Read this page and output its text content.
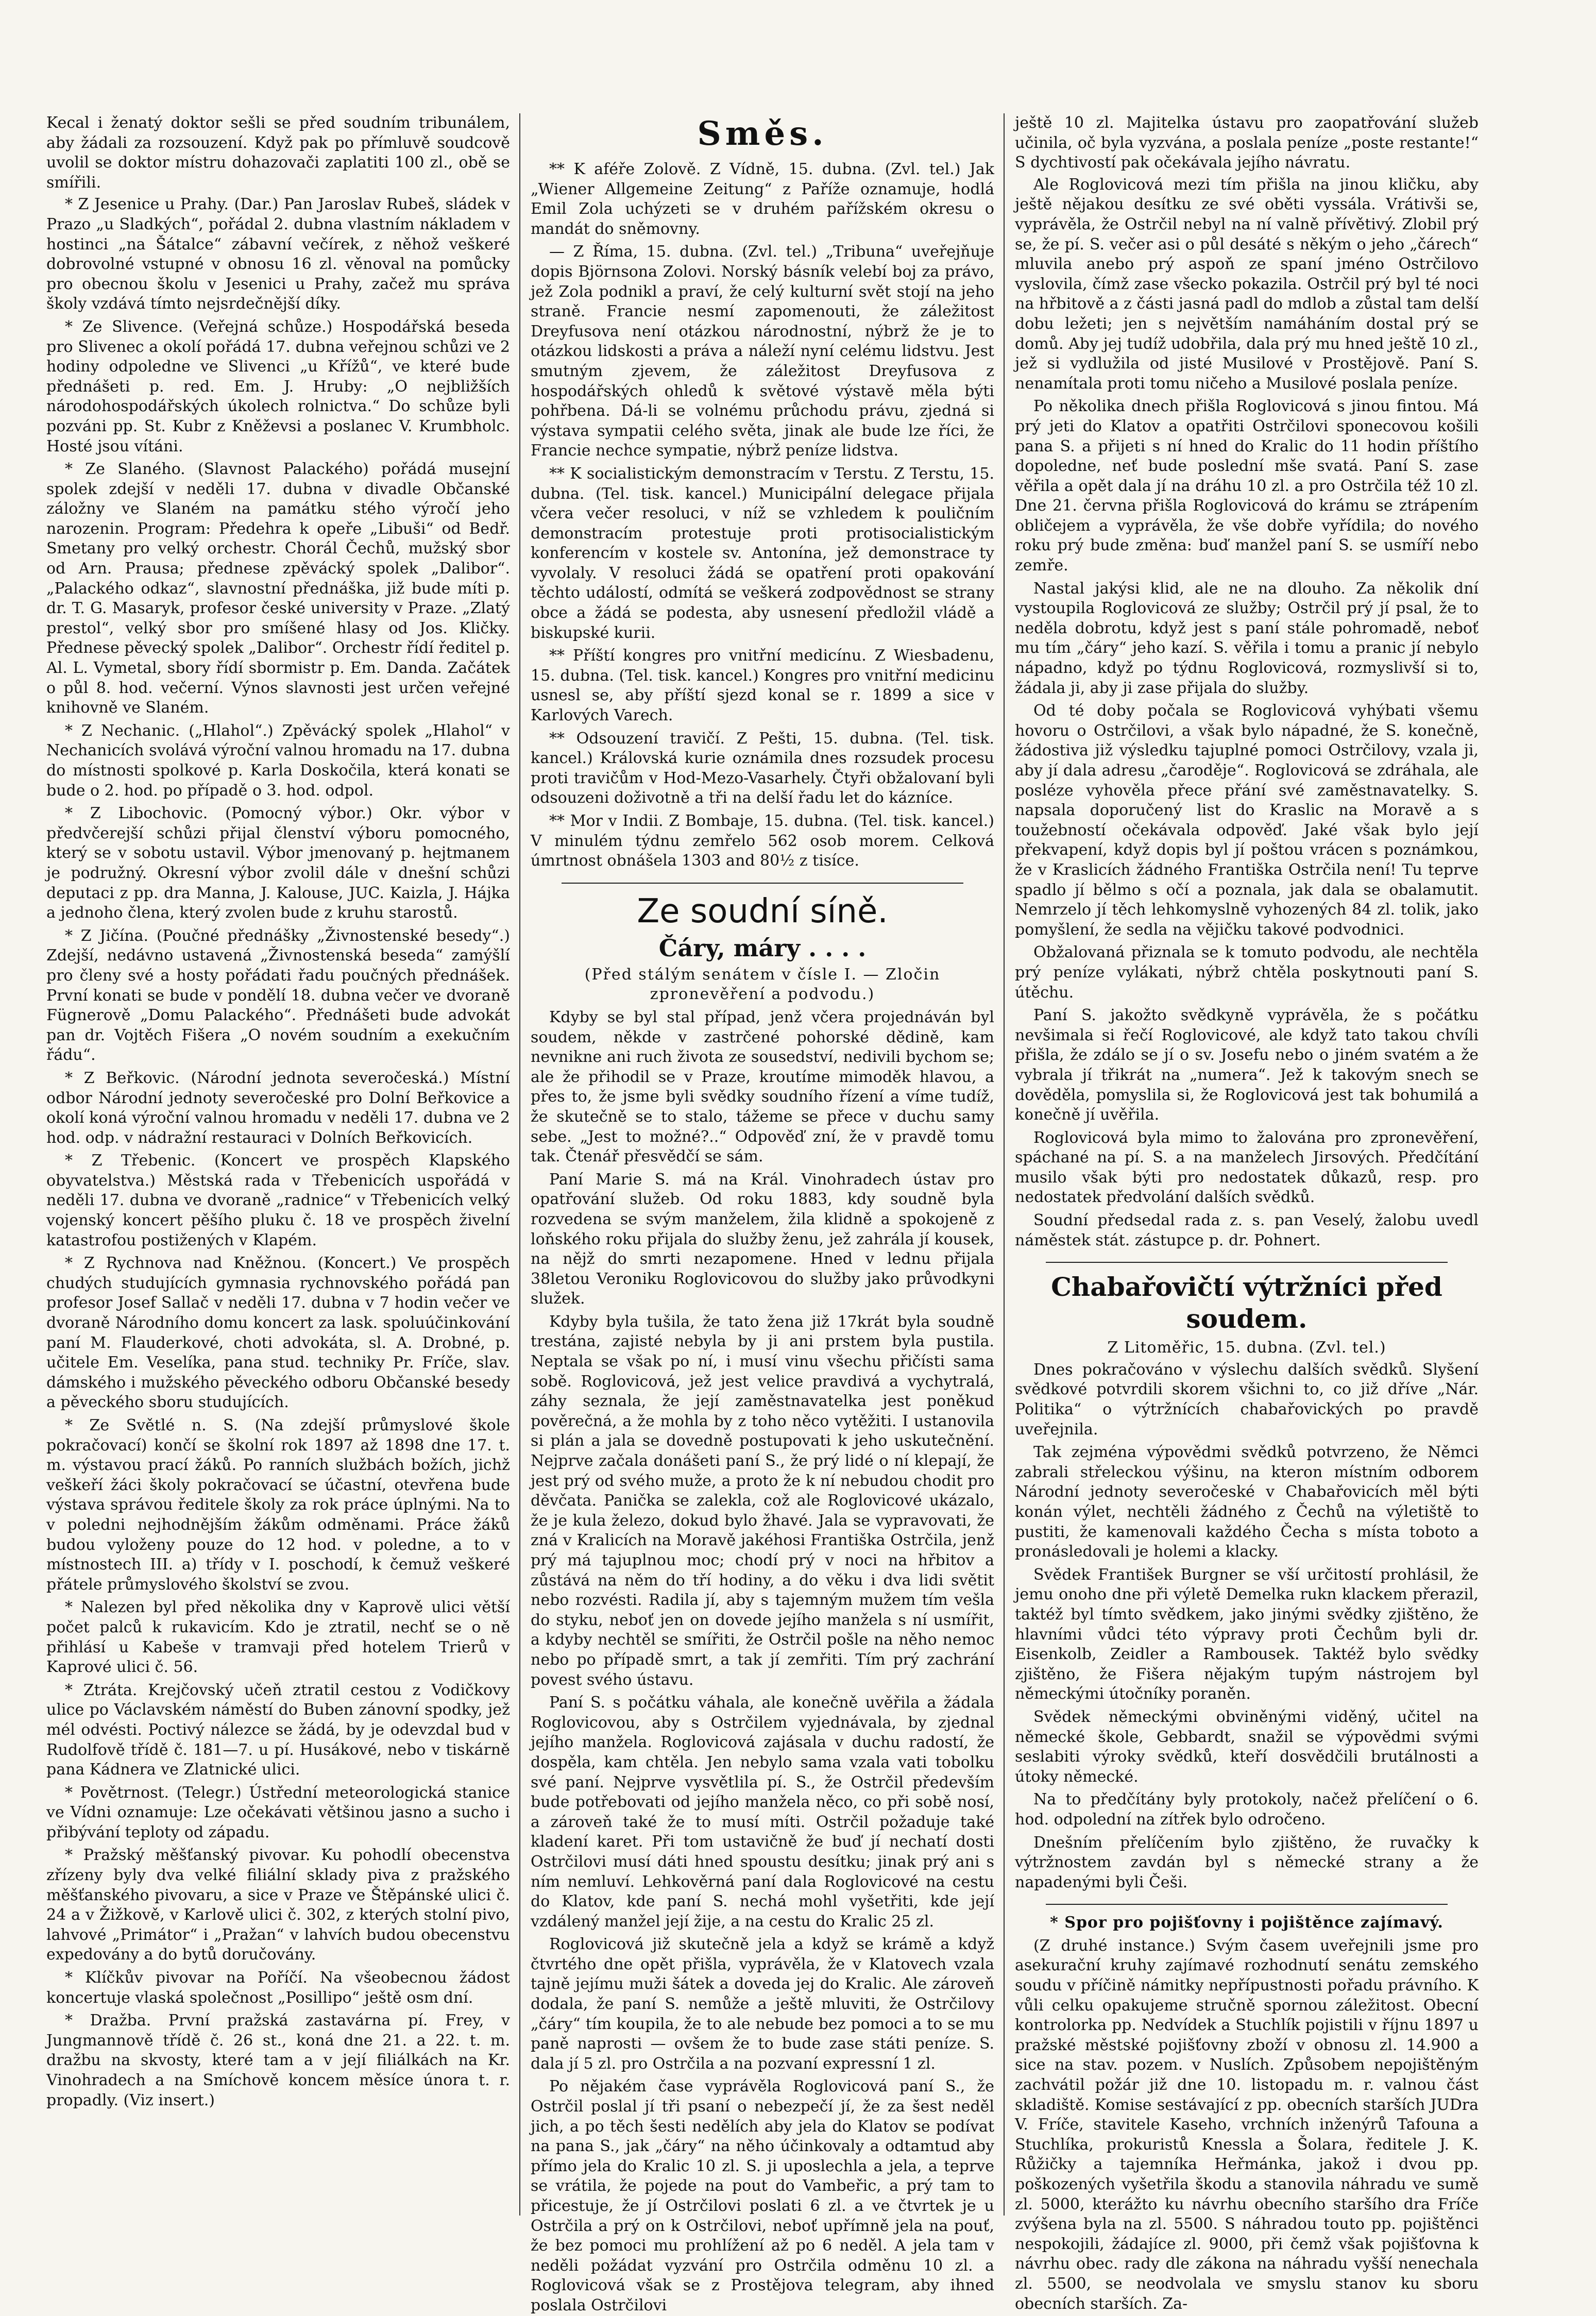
Kecal i ženatý doktor sešli se před soudním tribunálem, aby žádali za rozsouzení. Když pak po přímluvě soudcově uvolil se doktor místru dohazovači zaplatiti 100 zl., obě se smířili.

* Z Jesenice u Prahy. (Dar.) Pan Jaroslav Rubeš, sládek v Prazo „u Sladkých“, pořádal 2. dubna vlastním nákladem v hostinci „na Šátalce“ zábavní večírek, z něhož veškeré dobrovolné vstupné v obnosu 16 zl. věnoval na pomůcky pro obecnou školu v Jesenici u Prahy, začež mu správa školy vzdává tímto nejsrdečnější díky.

* Ze Slivence. (Veřejná schůze.) Hospodářská beseda pro Slivenec a okolí pořádá 17. dubna veřejnou schůzi ve 2 hodiny odpoledne ve Slivenci „u Křížů“, ve které bude přednášeti p. red. Em. J. Hruby: „O nejbližších národohospodářských úkolech rolnictva.“ Do schůze byli pozváni pp. St. Kubr z Kněževsi a poslanec V. Krumbholc. Hosté jsou vítáni.

* Ze Slaného. (Slavnost Palackého) pořádá musejní spolek zdejší v neděli 17. dubna v divadle Občanské záložny ve Slaném na památku stého výročí jeho narozenin. Program: Předehra k opeře „Libuši“ od Bedř. Smetany pro velký orchestr. Chorál Čechů, mužský sbor od Arn. Prausa; přednese zpěvácký spolek „Dalibor“. „Palackého odkaz“, slavnostní přednáška, již bude míti p. dr. T. G. Masaryk, profesor české university v Praze. „Zlatý prestol“, velký sbor pro smíšené hlasy od Jos. Kličky. Přednese pěvecký spolek „Dalibor“. Orchestr řídí ředitel p. Al. L. Vymetal, sbory řídí sbormistr p. Em. Danda. Začátek o půl 8. hod. večerní. Výnos slavnosti jest určen veřejné knihovně ve Slaném.

* Z Nechanic. („Hlahol“.) Zpěvácký spolek „Hlahol“ v Nechanicích svolává výroční valnou hromadu na 17. dubna do místnosti spolkové p. Karla Doskočila, která konati se bude o 2. hod. po případě o 3. hod. odpol.

* Z Libochovic. (Pomocný výbor.) Okr. výbor v předvčerejší schůzi přijal členství výboru pomocného, který se v sobotu ustavil. Výbor jmenovaný p. hejtmanem je podružný. Okresní výbor zvolil dále v dnešní schůzi deputaci z pp. dra Manna, J. Kalouse, JUC. Kaizla, J. Hájka a jednoho člena, který zvolen bude z kruhu starostů.

* Z Jičína. (Poučné přednášky „Živnostenské besedy“.) Zdejší, nedávno ustavená „Živnostenská beseda“ zamýšlí pro členy své a hosty pořádati řadu poučných přednášek. První konati se bude v pondělí 18. dubna večer ve dvoraně Fügnerově „Domu Palackého“. Přednášeti bude advokát pan dr. Vojtěch Fišera „O novém soudním a exekučním řádu“.

* Z Beřkovic. (Národní jednota severočeská.) Místní odbor Národní jednoty severočeské pro Dolní Beřkovice a okolí koná výroční valnou hromadu v neděli 17. dubna ve 2 hod. odp. v nádražní restauraci v Dolních Beřkovicích.

* Z Třebenic. (Koncert ve prospěch Klapského obyvatelstva.) Městská rada v Třebenicích uspořádá v neděli 17. dubna ve dvoraně „radnice“ v Třebenicích velký vojenský koncert pěšího pluku č. 18 ve prospěch živelní katastrofou postižených v Klapém.

* Z Rychnova nad Kněžnou. (Koncert.) Ve prospěch chudých studujících gymnasia rychnovského pořádá pan profesor Josef Sallač v neděli 17. dubna v 7 hodin večer ve dvoraně Národního domu koncert za lask. spoluúčinkování paní M. Flauderkové, choti advokáta, sl. A. Drobné, p. učitele Em. Veselíka, pana stud. techniky Pr. Fríče, slav. dámského i mužského pěveckého odboru Občanské besedy a pěveckého sboru studujících.

* Ze Světlé n. S. (Na zdejší průmyslové škole pokračovací) končí se školní rok 1897 až 1898 dne 17. t. m. výstavou prací žáků. Po ranních službách božích, jichž veškeří žáci školy pokračovací se účastní, otevřena bude výstava správou ředitele školy za rok práce úplnými. Na to v poledni nejhodnějším žákům odměnami. Práce žáků budou vyloženy pouze do 12 hod. v poledne, a to v místnostech III. a) třídy v I. poschodí, k čemuž veškeré přátele průmyslového školství se zvou.

* Nalezen byl před několika dny v Kaprově ulici větší počet palců k rukavicím. Kdo je ztratil, nechť se o ně přihlásí u Kabeše v tramvaji před hotelem Trierů v Kaprové ulici č. 56.

* Ztráta. Krejčovský učeň ztratil cestou z Vodičkovy ulice po Václavském náměstí do Buben zánovní spodky, jež mél odvésti. Poctivý nálezce se žádá, by je odevzdal bud v Rudolfově třídě č. 181—7. u pí. Husákové, nebo v tiskárně pana Kádnera ve Zlatnické ulici.

* Povětrnost. (Telegr.) Ústřední meteorologická stanice ve Vídni oznamuje: Lze očekávati většinou jasno a sucho i přibývání teploty od západu.

* Pražský měšťanský pivovar. Ku pohodlí obecenstva zřízeny byly dva velké filiální sklady piva z pražského měšťanského pivovaru, a sice v Praze ve Štěpánské ulici č. 24 a v Žižkově, v Karlově ulici č. 302, z kterých stolní pivo, lahvové „Primátor“ i „Pražan“ v lahvích budou obecenstvu expedovány a do bytů doručovány.

* Klíčkův pivovar na Poříčí. Na všeobecnou žádost koncertuje vlaská společnost „Posillipo“ ještě osm dní.

* Dražba. První pražská zastavárna pí. Frey, v Jungmannově třídě č. 26 st., koná dne 21. a 22. t. m. dražbu na skvosty, které tam a v její filiálkách na Kr. Vinohradech a na Smíchově koncem měsíce února t. r. propadly. (Viz insert.)

Směs.

** K aféře Zolově. Z Vídně, 15. dubna. (Zvl. tel.) Jak „Wiener Allgemeine Zeitung“ z Paříže oznamuje, hodlá Emil Zola uchýzeti se v druhém pařížském okresu o mandát do sněmovny.

— Z Říma, 15. dubna. (Zvl. tel.) „Tribuna“ uveřejňuje dopis Björnsona Zolovi. Norský básník velebí boj za právo, jež Zola podnikl a praví, že celý kulturní svět stojí na jeho straně. Francie nesmí zapomenouti, že záležitost Dreyfusova není otázkou národnostní, nýbrž že je to otázkou lidskosti a práva a náleží nyní celému lidstvu. Jest smutným zjevem, že záležitost Dreyfusova z hospodářských ohledů k světové výstavě měla býti pohřbena. Dá-li se volnému průchodu právu, zjedná si výstava sympatii celého světa, jinak ale bude lze říci, že Francie nechce sympatie, nýbrž peníze lidstva.

** K socialistickým demonstracím v Terstu. Z Terstu, 15. dubna. (Tel. tisk. kancel.) Municipální delegace přijala včera večer resoluci, v níž se vzhledem k pouličním demonstracím protestuje proti protisocialistickým konferencím v kostele sv. Antonína, jež demonstrace ty vyvolaly. V resoluci žádá se opatření proti opakování těchto událostí, odmítá se veškerá zodpovědnost se strany obce a žádá se podesta, aby usnesení předložil vládě a biskupské kurii.

** Příští kongres pro vnitřní medicínu. Z Wiesbadenu, 15. dubna. (Tel. tisk. kancel.) Kongres pro vnitřní medicinu usnesl se, aby příští sjezd konal se r. 1899 a sice v Karlových Varech.

** Odsouzení travičí. Z Pešti, 15. dubna. (Tel. tisk. kancel.) Královská kurie oznámila dnes rozsudek procesu proti travičům v Hod-Mezo-Vasarhely. Čtyři obžalovaní byli odsouzeni doživotně a tři na delší řadu let do kázníce.

** Mor v Indii. Z Bombaje, 15. dubna. (Tel. tisk. kancel.) V minulém týdnu zemřelo 562 osob morem. Celková úmrtnost obnášela 1303 and 80½ z tisíce.

Ze soudní síně.
Čáry, máry . . . .
(Před stálým senátem v čísle I. — Zločin zpronevěření a podvodu.)

Kdyby se byl stal případ, jenž včera projednáván byl soudem, někde v zastrčené pohorské dědině, kam nevnikne ani ruch života ze sousedství, nedivili bychom se; ale že přihodil se v Praze, kroutíme mimoděk hlavou, a přes to, že jsme byli svědky soudního řízení a víme tudíž, že skutečně se to stalo, tážeme se přece v duchu samy sebe. „Jest to možné?..“ Odpověď zní, že v pravdě tomu tak. Čtenář přesvědčí se sám.

Paní Marie S. má na Král. Vinohradech ústav pro opatřování služeb. Od roku 1883, kdy soudně byla rozvedena se svým manželem, žila klidně a spokojeně z loňského roku přijala do služby ženu, jež zahrála jí kousek, na nějž do smrti nezapomene. Hned v lednu přijala 38letou Veroniku Roglovicovou do služby jako průvodkyni služek.

Kdyby byla tušila, že tato žena již 17krát byla soudně trestána, zajisté nebyla by ji ani prstem byla pustila. Neptala se však po ní, i musí vinu všechu přičísti sama sobě. Roglovicová, jež jest velice pravdivá a vychytralá, záhy seznala, že její zaměstnavatelka jest poněkud pověrečná, a že mohla by z toho něco vytěžiti. I ustanovila si plán a jala se dovedně postupovati k jeho uskutečnění. Nejprve začala donášeti paní S., že prý lidé o ní klepají, že jest prý od svého muže, a proto že k ní nebudou chodit pro děvčata. Panička se zalekla, což ale Roglovicové ukázalo, že je kula železo, dokud bylo žhavé. Jala se vypravovati, že zná v Kralicích na Moravě jakéhosi Františka Ostrčila, jenž prý má tajuplnou moc; chodí prý v noci na hřbitov a zůstává na něm do tří hodiny, a do věku i dva lidi světit nebo rozvésti. Radila jí, aby s tajemným mužem tím vešla do styku, neboť jen on dovede jejího manžela s ní usmířit, a kdyby nechtěl se smířiti, že Ostrčil pošle na něho nemoc nebo po případě smrt, a tak jí zemřiti. Tím prý zachrání povest svého ústavu.

Paní S. s počátku váhala, ale konečně uvěřila a žádala Roglovicovou, aby s Ostrčilem vyjednávala, by zjednal jejího manžela. Roglovicová zajásala v duchu radostí, že dospěla, kam chtěla. Jen nebylo sama vzala vati tobolku své paní. Nejprve vysvětlila pí. S., že Ostrčil především bude potřebovati od jejího manžela něco, co při sobě nosí, a zároveň také že to musí míti. Ostrčil požaduje také kladení karet. Při tom ustavičně že buď jí nechatí dosti Ostrčilovi musí dáti hned spoustu desítku; jinak prý ani s ním nemluví. Lehkověrná paní dala Roglovicové na cestu do Klatov, kde paní S. nechá mohl vyšetřiti, kde její vzdálený manžel její žije, a na cestu do Kralic 25 zl.

Roglovicová již skutečně jela a když se krámě a když čtvrtého dne opět přišla, vyprávěla, že v Klatovech vzala tajně jejímu muži šátek a doveda jej do Kralic. Ale zároveň dodala, že paní S. nemůže a ještě mluviti, že Ostrčilovy „čáry“ tím koupila, že to ale nebude bez pomoci a to se mu paně naprosti — ovšem že to bude zase státi peníze. S. dala jí 5 zl. pro Ostrčila a na pozvaní expressní 1 zl.

Po nějakém čase vyprávěla Roglovicová paní S., že Ostrčil poslal jí tři psaní o nebezpečí jí, že za šest neděl jich, a po těch šesti nedělích aby jela do Klatov se podívat na pana S., jak „čáry“ na něho účinkovaly a odtamtud aby přímo jela do Kralic 10 zl. S. ji uposlechla a jela, a teprve se vrátila, že pojede na pout do Vambeřic, a prý tam to přicestuje, že jí Ostrčilovi poslati 6 zl. a ve čtvrtek je u Ostrčila a prý on k Ostrčilovi, neboť upřímně jela na pouť, že bez pomoci mu prohlížení až po 6 neděl. A jela tam v neděli požádat vyzvání pro Ostrčila odměnu 10 zl. a Roglovicová však se z Prostějova telegram, aby ihned poslala Ostrčilovi

ještě 10 zl. Majitelka ústavu pro zaopatřování služeb učinila, oč byla vyzvána, a poslala peníze „poste restante!“ S dychtivostí pak očekávala jejího návratu.

Ale Roglovicová mezi tím přišla na jinou kličku, aby ještě nějakou desítku ze své oběti vyssála. Vrátivši se, vyprávěla, že Ostrčil nebyl na ní valně přívětivý. Zlobil prý se, že pí. S. večer asi o půl desáté s někým o jeho „čárech“ mluvila anebo prý aspoň ze spaní jméno Ostrčilovo vyslovila, čímž zase všecko pokazila. Ostrčil prý byl té noci na hřbitově a z části jasná padl do mdlob a zůstal tam delší dobu ležeti; jen s největším namáháním dostal prý se domů. Aby jej tudíž udobřila, dala prý mu hned ještě 10 zl., jež si vydlužila od jisté Musilové v Prostějově. Paní S. nenamítala proti tomu ničeho a Musilové poslala peníze.

Po několika dnech přišla Roglovicová s jinou fintou. Má prý jeti do Klatov a opatřiti Ostrčilovi sponecovou košili pana S. a přijeti s ní hned do Kralic do 11 hodin příštího dopoledne, neť bude poslední mše svatá. Paní S. zase věřila a opět dala jí na dráhu 10 zl. a pro Ostrčila též 10 zl. Dne 21. června přišla Roglovicová do krámu se ztrápením obličejem a vyprávěla, že vše dobře vyřídila; do nového roku prý bude změna: buď manžel paní S. se usmíří nebo zemře.

Nastal jakýsi klid, ale ne na dlouho. Za několik dní vystoupila Roglovicová ze služby; Ostrčil prý jí psal, že to neděla dobrotu, když jest s paní stále pohromadě, neboť mu tím „čáry“ jeho kazí. S. věřila i tomu a pranic jí nebylo nápadno, když po týdnu Roglovicová, rozmyslivší si to, žádala ji, aby ji zase přijala do služby.

Od té doby počala se Roglovicová vyhýbati všemu hovoru o Ostrčilovi, a však bylo nápadné, že S. konečně, žádostiva již výsledku tajuplné pomoci Ostrčilovy, vzala ji, aby jí dala adresu „čaroděje“. Roglovicová se zdráhala, ale posléze vyhověla přece přání své zaměstnavatelky. S. napsala doporučený list do Kraslic na Moravě a s toužebností očekávala odpověď. Jaké však bylo její překvapení, když dopis byl jí poštou vrácen s poznámkou, že v Kraslicích žádného Františka Ostrčila není! Tu teprve spadlo jí bělmo s očí a poznala, jak dala se obalamutit. Nemrzelo jí těch lehkomyslně vyhozených 84 zl. tolik, jako pomyšlení, že sedla na vějičku takové podvodnici.

Obžalovaná přiznala se k tomuto podvodu, ale nechtěla prý peníze vylákati, nýbrž chtěla poskytnouti paní S. útěchu.

Paní S. jakožto svědkyně vyprávěla, že s počátku nevšimala si řečí Roglovicové, ale když tato takou chvíli přišla, že zdálo se jí o sv. Josefu nebo o jiném svatém a že vybrala jí třikrát na „numera“. Jež k takovým snech se dověděla, pomyslila si, že Roglovicová jest tak bohumilá a konečně jí uvěřila.

Roglovicová byla mimo to žalována pro zpronevěření, spáchané na pí. S. a na manželech Jirsových. Předčítání musilo však býti pro nedostatek důkazů, resp. pro nedostatek předvolání dalších svědků.

Soudní předsedal rada z. s. pan Veselý, žalobu uvedl náměstek stát. zástupce p. dr. Pohnert.

Chabařovičtí výtržníci před soudem.
Z Litoměřic, 15. dubna. (Zvl. tel.)

Dnes pokračováno v výslechu dalších svědků. Slyšení svědkové potvrdili skorem všichni to, co již dříve „Nár. Politika“ o výtržnících chabařovických po pravdě uveřejnila.

Tak zejména výpovědmi svědků potvrzeno, že Němci zabrali střeleckou výšinu, na kteron místním odborem Národní jednoty severočeské v Chabařovicích měl býti konán výlet, nechtěli žádného z Čechů na výletiště to pustiti, že kamenovali každého Čecha s místa toboto a pronásledovali je holemi a klacky.

Svědek František Burgner se vší určitostí prohlásil, že jemu onoho dne při výletě Demelka rukn klackem přerazil, taktéž byl tímto svědkem, jako jinými svědky zjištěno, že hlavními vůdci této výpravy proti Čechům byli dr. Eisenkolb, Zeidler a Rambousek. Taktéž bylo svědky zjištěno, že Fišera nějakým tupým nástrojem byl německými útočníky poraněn.

Svědek německými obviněnými viděný, učitel na německé škole, Gebbardt, snažil se výpovědmi svými seslabiti výroky svědků, kteří dosvědčili brutálnosti a útoky německé.

Na to předčítány byly protokoly, načež přelíčení o 6. hod. odpolední na zítřek bylo odročeno.

Dnešním přelíčením bylo zjištěno, že ruvačky k výtržnostem zavdán byl s německé strany a že napadenými byli Češi.

* Spor pro pojišťovny i pojištěnce zajímavý.

(Z druhé instance.) Svým časem uveřejnili jsme pro asekurační kruhy zajímavé rozhodnutí senátu zemského soudu v příčině námitky nepřípustnosti pořadu právního. K vůli celku opakujeme stručně spornou záležitost. Obecní kontrolorka pp. Nedvídek a Stuchlík pojistili v říjnu 1897 u pražské městské pojišťovny zboží v obnosu zl. 14.900 a sice na stav. pozem. v Nuslích. Způsobem nepojištěným zachvátil požár již dne 10. listopadu m. r. valnou část skladiště. Komise sestávající z pp. obecních starších JUDra V. Fríče, stavitele Kaseho, vrchních inženýrů Tafouna a Stuchlíka, prokuristů Knessla a Šolara, ředitele J. K. Růžičky a tajemníka Heřmánka, jakož i dvou pp. poškozených vyšetřila škodu a stanovila náhradu ve sumě zl. 5000, kterážto ku návrhu obecního staršího dra Fríče zvýšena byla na zl. 5500. S náhradou touto pp. pojištěnci nespokojili, žádajíce zl. 9000, při čemž však pojišťovna k návrhu obec. rady dle zákona na náhradu vyšší nenechala zl. 5500, se neodvolala ve smyslu stanov ku sboru obecních starších. Za-
